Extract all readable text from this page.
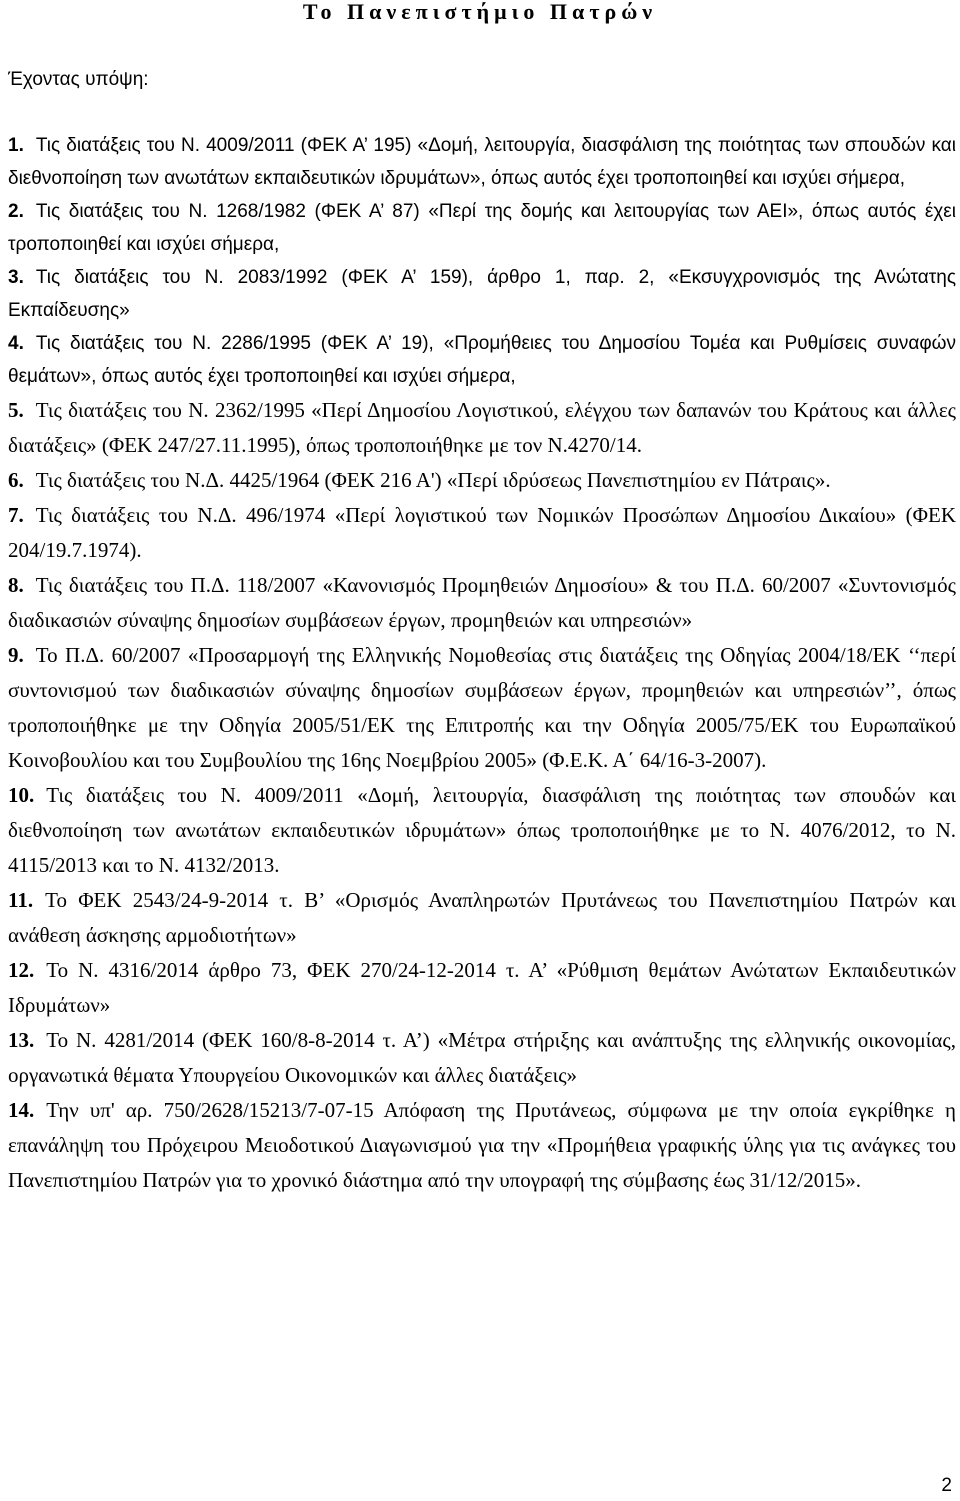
Το Πανεπιστήμιο Πατρών
Έχοντας υπόψη:
1. Τις διατάξεις του Ν. 4009/2011 (ΦΕΚ Α’ 195) «Δομή, λειτουργία, διασφάλιση της ποιότητας των σπουδών και διεθνοποίηση των ανωτάτων εκπαιδευτικών ιδρυμάτων», όπως αυτός έχει τροποποιηθεί και ισχύει σήμερα,
2. Τις διατάξεις του Ν. 1268/1982 (ΦΕΚ Α’ 87) «Περί της δομής και λειτουργίας των ΑΕΙ», όπως αυτός έχει τροποποιηθεί και ισχύει σήμερα,
3. Τις διατάξεις του Ν. 2083/1992 (ΦΕΚ Α’ 159), άρθρο 1, παρ. 2, «Εκσυγχρονισμός της Ανώτατης Εκπαίδευσης»
4. Τις διατάξεις του Ν. 2286/1995 (ΦΕΚ Α’ 19), «Προμήθειες του Δημοσίου Τομέα και Ρυθμίσεις συναφών θεμάτων», όπως αυτός έχει τροποποιηθεί και ισχύει σήμερα,
5. Τις διατάξεις του Ν. 2362/1995 «Περί Δημοσίου Λογιστικού, ελέγχου των δαπανών του Κράτους και άλλες διατάξεις» (ΦΕΚ 247/27.11.1995), όπως τροποποιήθηκε με τον Ν.4270/14.
6. Τις διατάξεις του Ν.Δ. 4425/1964 (ΦΕΚ 216 Α') «Περί ιδρύσεως Πανεπιστημίου εν Πάτραις».
7. Τις διατάξεις του Ν.Δ. 496/1974 «Περί λογιστικού των Νομικών Προσώπων Δημοσίου Δικαίου» (ΦΕΚ 204/19.7.1974).
8. Τις διατάξεις του Π.Δ. 118/2007 «Κανονισμός Προμηθειών Δημοσίου» & του Π.Δ. 60/2007 «Συντονισμός διαδικασιών σύναψης δημοσίων συμβάσεων έργων, προμηθειών και υπηρεσιών»
9. Το Π.Δ. 60/2007 «Προσαρμογή της Ελληνικής Νομοθεσίας στις διατάξεις της Οδηγίας 2004/18/ΕΚ ‘‘περί συντονισμού των διαδικασιών σύναψης δημοσίων συμβάσεων έργων, προμηθειών και υπηρεσιών’’, όπως τροποποιήθηκε με την Οδηγία 2005/51/ΕΚ της Επιτροπής και την Οδηγία 2005/75/ΕΚ του Ευρωπαϊκού Κοινοβουλίου και του Συμβουλίου της 16ης Νοεμβρίου 2005» (Φ.Ε.Κ. Α΄ 64/16-3-2007).
10. Τις διατάξεις του Ν. 4009/2011 «Δομή, λειτουργία, διασφάλιση της ποιότητας των σπουδών και διεθνοποίηση των ανωτάτων εκπαιδευτικών ιδρυμάτων» όπως τροποποιήθηκε με το Ν. 4076/2012, το Ν. 4115/2013 και το Ν. 4132/2013.
11. Το ΦΕΚ 2543/24-9-2014 τ. Β’ «Ορισμός Αναπληρωτών Πρυτάνεως του Πανεπιστημίου Πατρών και ανάθεση άσκησης αρμοδιοτήτων»
12. Το Ν. 4316/2014 άρθρο 73, ΦΕΚ 270/24-12-2014 τ. Α’ «Ρύθμιση θεμάτων Ανώτατων Εκπαιδευτικών Ιδρυμάτων»
13. Το Ν. 4281/2014 (ΦΕΚ 160/8-8-2014 τ. Α’) «Μέτρα στήριξης και ανάπτυξης της ελληνικής οικονομίας, οργανωτικά θέματα Υπουργείου Οικονομικών και άλλες διατάξεις»
14. Την υπ' αρ. 750/2628/15213/7-07-15 Απόφαση της Πρυτάνεως, σύμφωνα με την οποία εγκρίθηκε η επανάληψη του Πρόχειρου Μειοδοτικού Διαγωνισμού για την «Προμήθεια γραφικής ύλης για τις ανάγκες του Πανεπιστημίου Πατρών για το χρονικό διάστημα από την υπογραφή της σύμβασης έως 31/12/2015».
2
